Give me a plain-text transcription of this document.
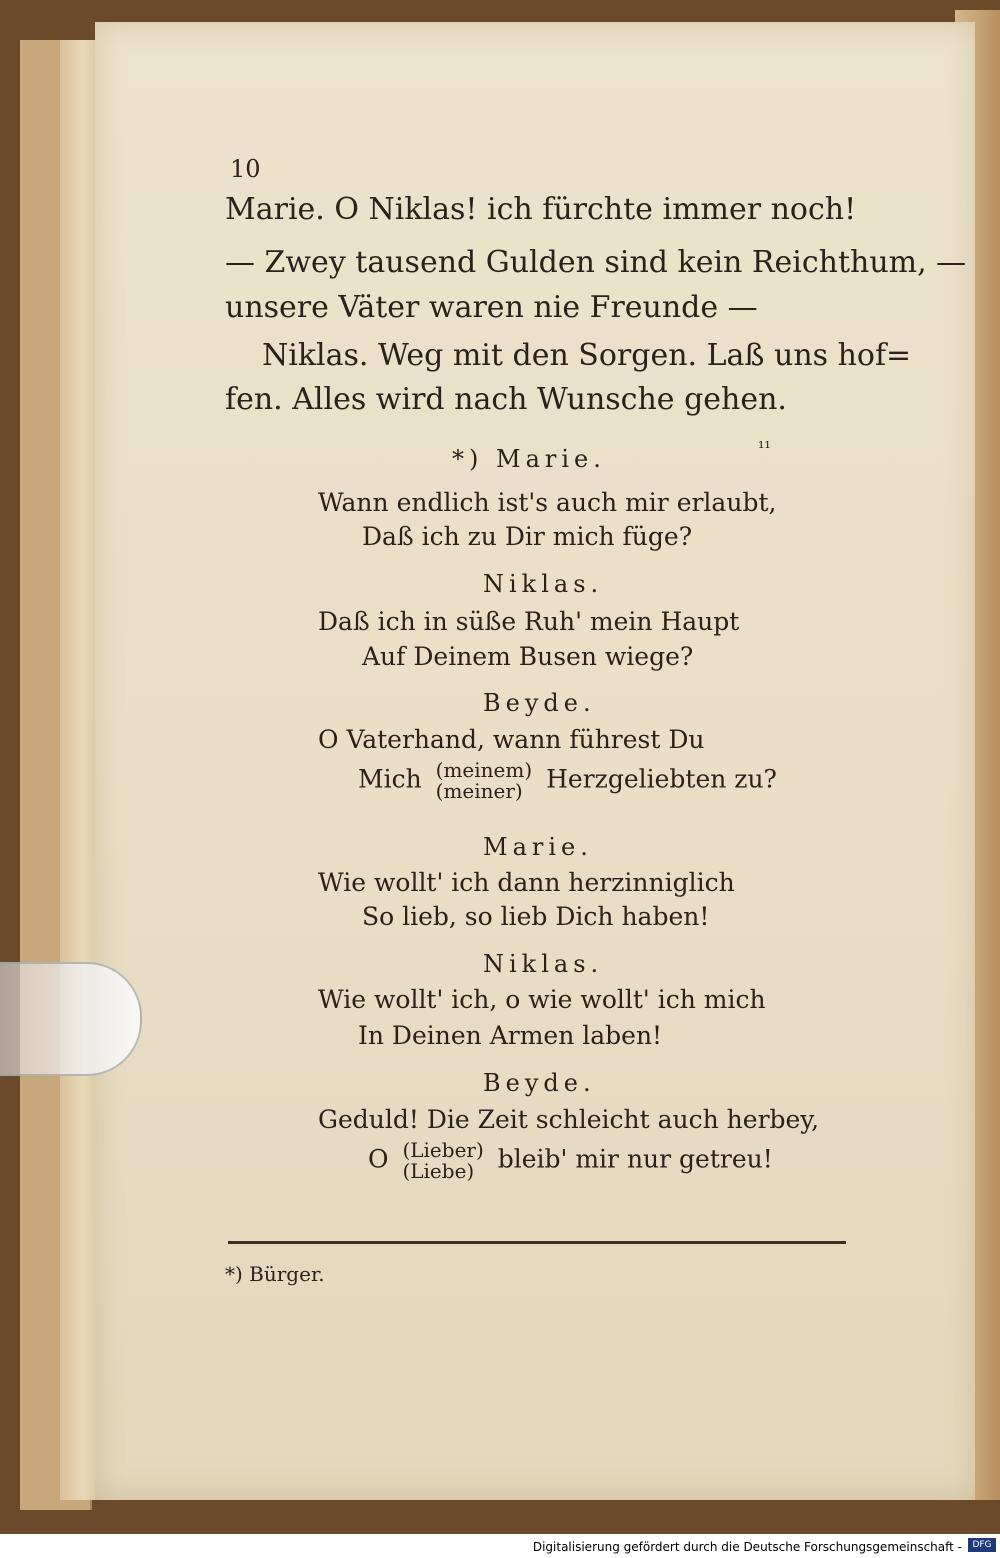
10
Marie. O Niklas! ich fürchte immer noch!
— Zwey tausend Gulden sind kein Reichthum, —
unsere Väter waren nie Freunde —
Niklas. Weg mit den Sorgen. Laß uns hof=
fen. Alles wird nach Wunsche gehen.
¹¹
*) Marie.
Wann endlich ist's auch mir erlaubt,
Daß ich zu Dir mich füge?
Niklas.
Daß ich in süße Ruh' mein Haupt
Auf Deinem Busen wiege?
Beyde.
O Vaterhand, wann führest Du
Mich (meinem)
(meiner) Herzgeliebten zu?
Marie.
Wie wollt' ich dann herzinniglich
So lieb, so lieb Dich haben!
Niklas.
Wie wollt' ich, o wie wollt' ich mich
In Deinen Armen laben!
Beyde.
Geduld! Die Zeit schleicht auch herbey,
O (Lieber)
(Liebe) bleib' mir nur getreu!
*) Bürger.
Digitalisierung gefördert durch die Deutsche Forschungsgemeinschaft -	DFG
